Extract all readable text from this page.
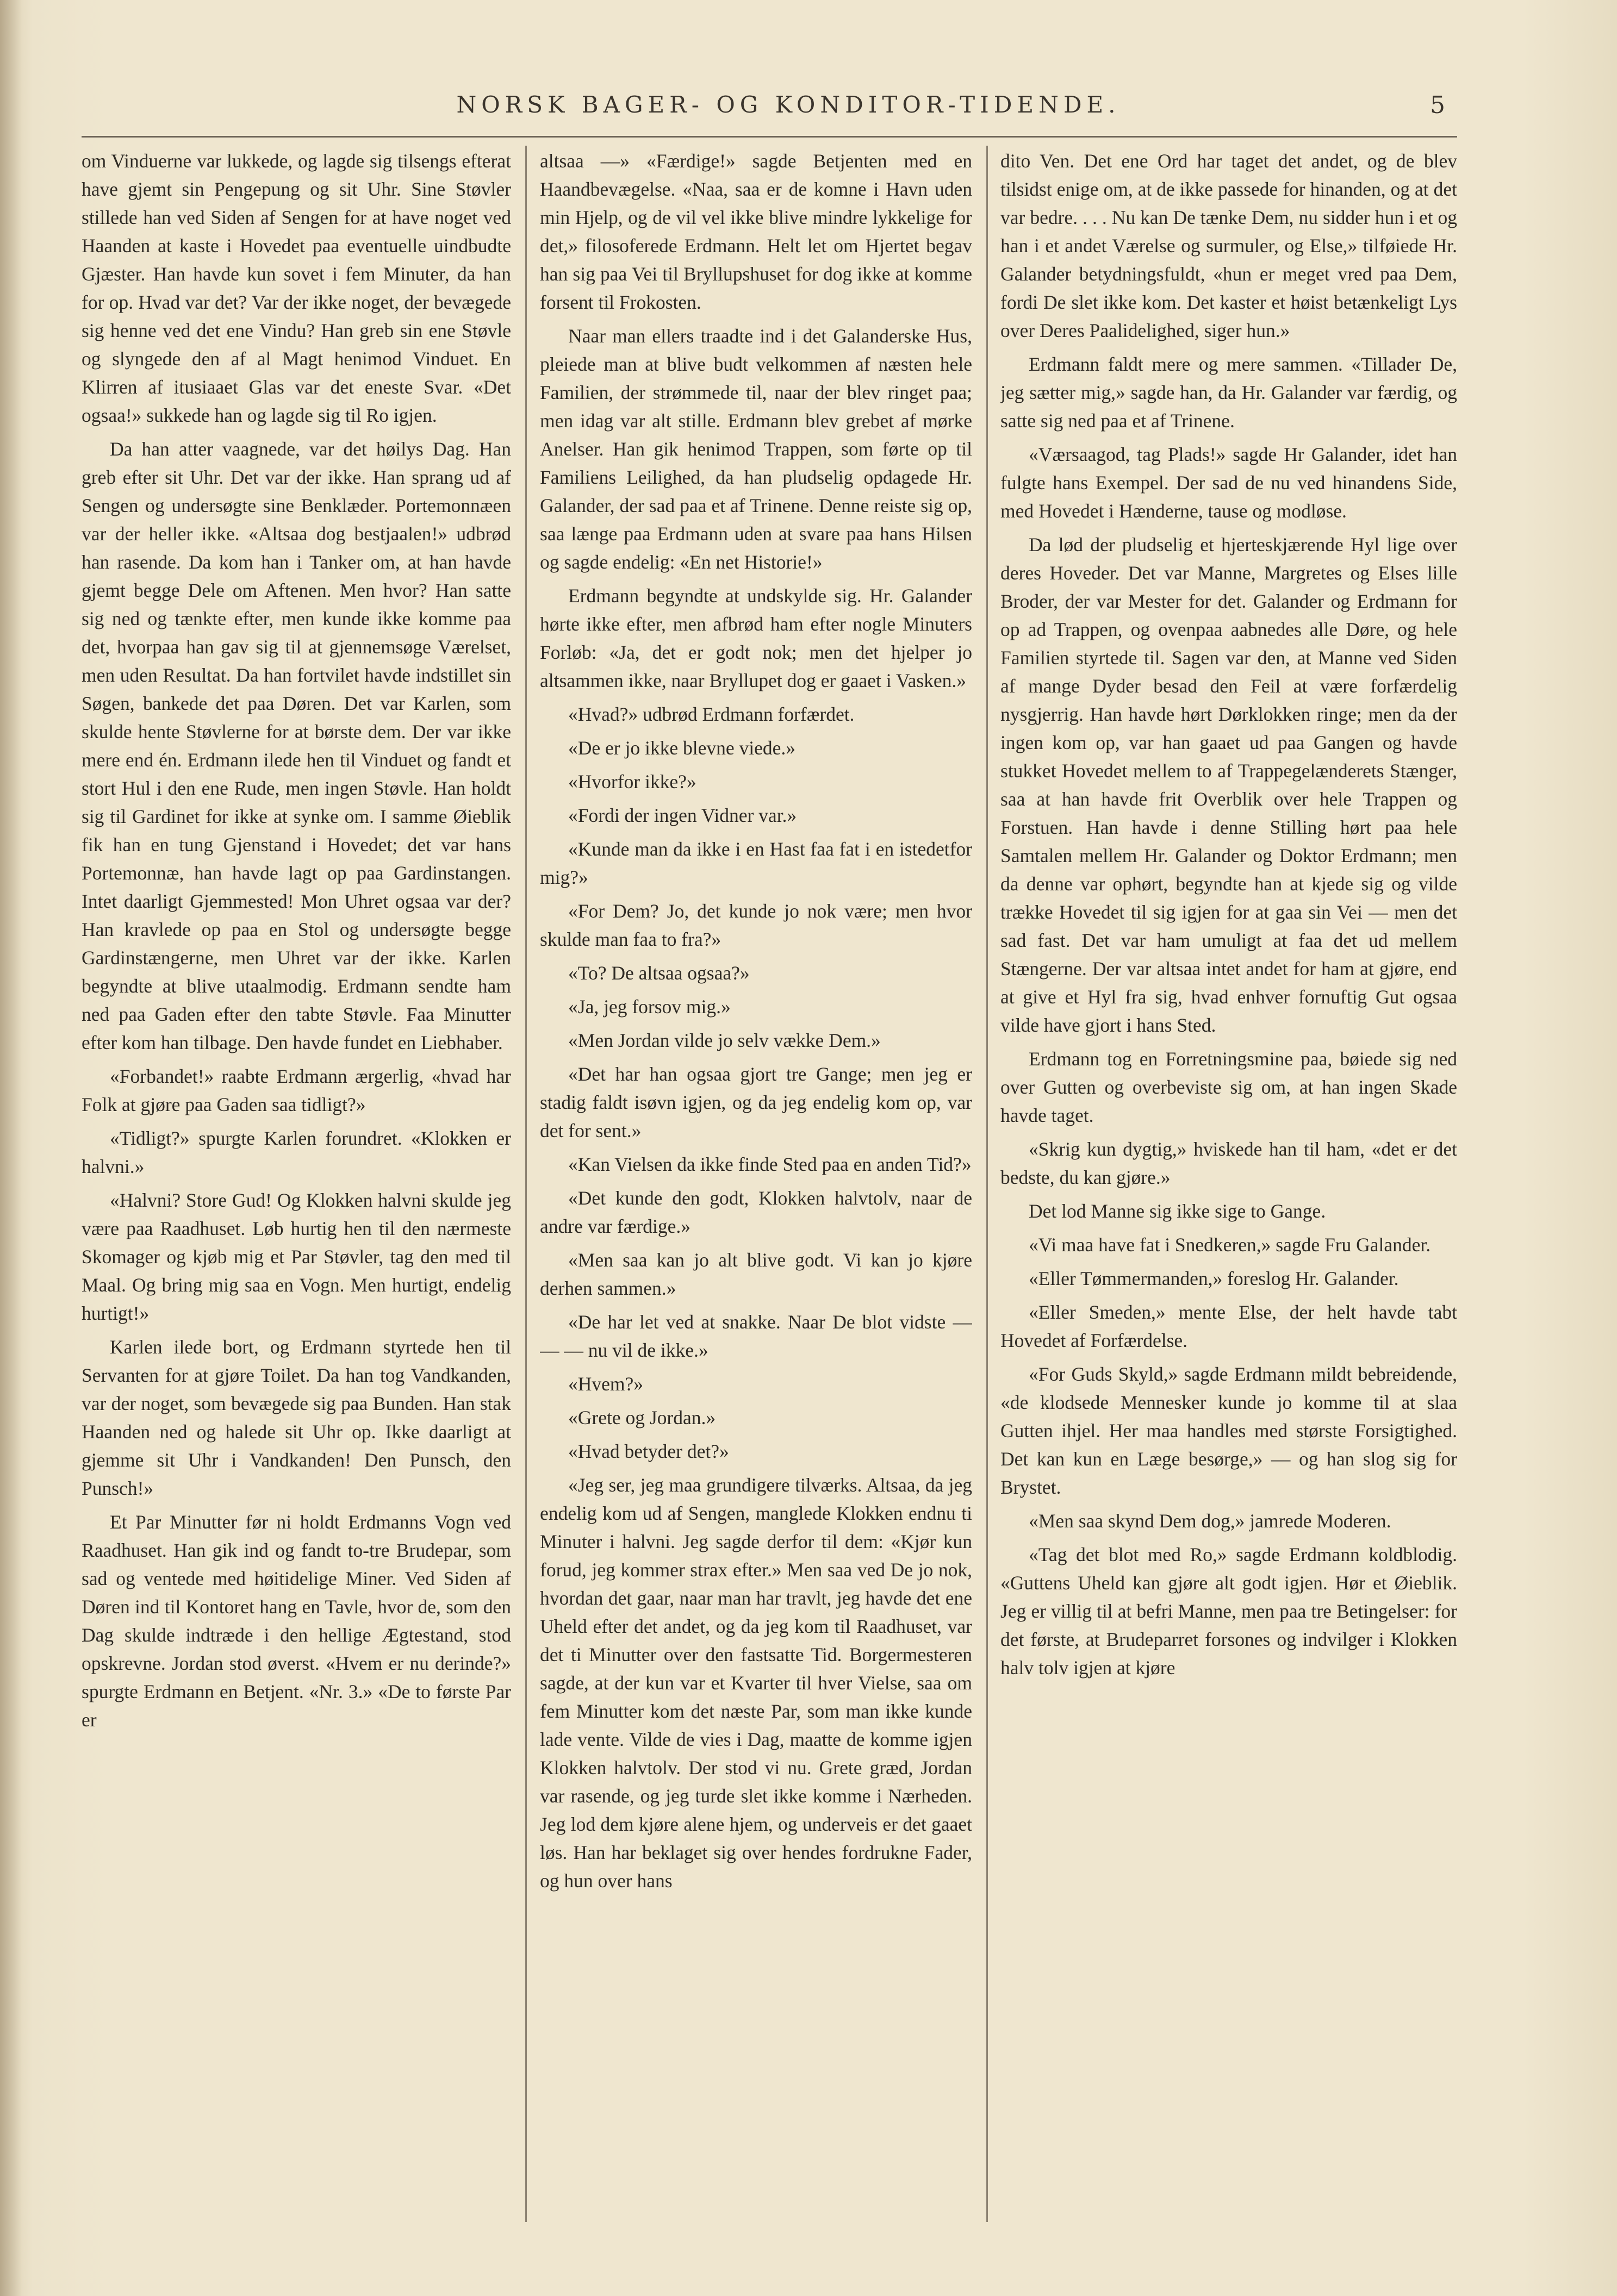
NORSK BAGER- OG KONDITOR-TIDENDE.	5

om Vinduerne var lukkede, og lagde sig tilsengs efterat have gjemt sin Pengepung og sit Uhr. Sine Støvler stillede han ved Siden af Sengen for at have noget ved Haanden at kaste i Hovedet paa eventuelle uindbudte Gjæster. Han havde kun sovet i fem Minuter, da han for op. Hvad var det? Var der ikke noget, der bevægede sig henne ved det ene Vindu? Han greb sin ene Støvle og slyngede den af al Magt henimod Vinduet. En Klirren af itusiaaet Glas var det eneste Svar. «Det ogsaa!» sukkede han og lagde sig til Ro igjen.

Da han atter vaagnede, var det høilys Dag. Han greb efter sit Uhr. Det var der ikke. Han sprang ud af Sengen og undersøgte sine Benklæder. Portemonnæen var der heller ikke. «Altsaa dog bestjaalen!» udbrød han rasende. Da kom han i Tanker om, at han havde gjemt begge Dele om Aftenen. Men hvor? Han satte sig ned og tænkte efter, men kunde ikke komme paa det, hvorpaa han gav sig til at gjennemsøge Værelset, men uden Resultat. Da han fortvilet havde indstillet sin Søgen, bankede det paa Døren. Det var Karlen, som skulde hente Støvlerne for at børste dem. Der var ikke mere end én. Erdmann ilede hen til Vinduet og fandt et stort Hul i den ene Rude, men ingen Støvle. Han holdt sig til Gardinet for ikke at synke om. I samme Øieblik fik han en tung Gjenstand i Hovedet; det var hans Portemonnæ, han havde lagt op paa Gardinstangen. Intet daarligt Gjemmested! Mon Uhret ogsaa var der? Han kravlede op paa en Stol og undersøgte begge Gardinstængerne, men Uhret var der ikke. Karlen begyndte at blive utaalmodig. Erdmann sendte ham ned paa Gaden efter den tabte Støvle. Faa Minutter efter kom han tilbage. Den havde fundet en Liebhaber.

«Forbandet!» raabte Erdmann ærgerlig, «hvad har Folk at gjøre paa Gaden saa tidligt?»

«Tidligt?» spurgte Karlen forundret. «Klokken er halvni.»

«Halvni? Store Gud! Og Klokken halvni skulde jeg være paa Raadhuset. Løb hurtig hen til den nærmeste Skomager og kjøb mig et Par Støvler, tag den med til Maal. Og bring mig saa en Vogn. Men hurtigt, endelig hurtigt!»

Karlen ilede bort, og Erdmann styrtede hen til Servanten for at gjøre Toilet. Da han tog Vandkanden, var der noget, som bevægede sig paa Bunden. Han stak Haanden ned og halede sit Uhr op. Ikke daarligt at gjemme sit Uhr i Vandkanden! Den Punsch, den Punsch!»

Et Par Minutter før ni holdt Erdmanns Vogn ved Raadhuset. Han gik ind og fandt to-tre Brudepar, som sad og ventede med høitidelige Miner. Ved Siden af Døren ind til Kontoret hang en Tavle, hvor de, som den Dag skulde indtræde i den hellige Ægtestand, stod opskrevne. Jordan stod øverst. «Hvem er nu derinde?» spurgte Erdmann en Betjent. «Nr. 3.» «De to første Par er

altsaa —» «Færdige!» sagde Betjenten med en Haandbevægelse. «Naa, saa er de komne i Havn uden min Hjelp, og de vil vel ikke blive mindre lykkelige for det,» filosoferede Erdmann. Helt let om Hjertet begav han sig paa Vei til Bryllupshuset for dog ikke at komme forsent til Frokosten.

Naar man ellers traadte ind i det Galanderske Hus, pleiede man at blive budt velkommen af næsten hele Familien, der strømmede til, naar der blev ringet paa; men idag var alt stille. Erdmann blev grebet af mørke Anelser. Han gik henimod Trappen, som førte op til Familiens Leilighed, da han pludselig opdagede Hr. Galander, der sad paa et af Trinene. Denne reiste sig op, saa længe paa Erdmann uden at svare paa hans Hilsen og sagde endelig: «En net Historie!»

Erdmann begyndte at undskylde sig. Hr. Galander hørte ikke efter, men afbrød ham efter nogle Minuters Forløb: «Ja, det er godt nok; men det hjelper jo altsammen ikke, naar Bryllupet dog er gaaet i Vasken.»

«Hvad?» udbrød Erdmann forfærdet.

«De er jo ikke blevne viede.»

«Hvorfor ikke?»

«Fordi der ingen Vidner var.»

«Kunde man da ikke i en Hast faa fat i en istedetfor mig?»

«For Dem? Jo, det kunde jo nok være; men hvor skulde man faa to fra?»

«To? De altsaa ogsaa?»

«Ja, jeg forsov mig.»

«Men Jordan vilde jo selv vække Dem.»

«Det har han ogsaa gjort tre Gange; men jeg er stadig faldt isøvn igjen, og da jeg endelig kom op, var det for sent.»

«Kan Vielsen da ikke finde Sted paa en anden Tid?»

«Det kunde den godt, Klokken halvtolv, naar de andre var færdige.»

«Men saa kan jo alt blive godt. Vi kan jo kjøre derhen sammen.»

«De har let ved at snakke. Naar De blot vidste — — — nu vil de ikke.»

«Hvem?»

«Grete og Jordan.»

«Hvad betyder det?»

«Jeg ser, jeg maa grundigere tilværks. Altsaa, da jeg endelig kom ud af Sengen, manglede Klokken endnu ti Minuter i halvni. Jeg sagde derfor til dem: «Kjør kun forud, jeg kommer strax efter.» Men saa ved De jo nok, hvordan det gaar, naar man har travlt, jeg havde det ene Uheld efter det andet, og da jeg kom til Raadhuset, var det ti Minutter over den fastsatte Tid. Borgermesteren sagde, at der kun var et Kvarter til hver Vielse, saa om fem Minutter kom det næste Par, som man ikke kunde lade vente. Vilde de vies i Dag, maatte de komme igjen Klokken halvtolv. Der stod vi nu. Grete græd, Jordan var rasende, og jeg turde slet ikke komme i Nærheden. Jeg lod dem kjøre alene hjem, og underveis er det gaaet løs. Han har beklaget sig over hendes fordrukne Fader, og hun over hans

dito Ven. Det ene Ord har taget det andet, og de blev tilsidst enige om, at de ikke passede for hinanden, og at det var bedre. . . . Nu kan De tænke Dem, nu sidder hun i et og han i et andet Værelse og surmuler, og Else,» tilføiede Hr. Galander betydningsfuldt, «hun er meget vred paa Dem, fordi De slet ikke kom. Det kaster et høist betænkeligt Lys over Deres Paalidelighed, siger hun.»

Erdmann faldt mere og mere sammen. «Tillader De, jeg sætter mig,» sagde han, da Hr. Galander var færdig, og satte sig ned paa et af Trinene.

«Værsaagod, tag Plads!» sagde Hr Galander, idet han fulgte hans Exempel. Der sad de nu ved hinandens Side, med Hovedet i Hænderne, tause og modløse.

Da lød der pludselig et hjerteskjærende Hyl lige over deres Hoveder. Det var Manne, Margretes og Elses lille Broder, der var Mester for det. Galander og Erdmann for op ad Trappen, og ovenpaa aabnedes alle Døre, og hele Familien styrtede til. Sagen var den, at Manne ved Siden af mange Dyder besad den Feil at være forfærdelig nysgjerrig. Han havde hørt Dørklokken ringe; men da der ingen kom op, var han gaaet ud paa Gangen og havde stukket Hovedet mellem to af Trappegelænderets Stænger, saa at han havde frit Overblik over hele Trappen og Forstuen. Han havde i denne Stilling hørt paa hele Samtalen mellem Hr. Galander og Doktor Erdmann; men da denne var ophørt, begyndte han at kjede sig og vilde trække Hovedet til sig igjen for at gaa sin Vei — men det sad fast. Det var ham umuligt at faa det ud mellem Stængerne. Der var altsaa intet andet for ham at gjøre, end at give et Hyl fra sig, hvad enhver fornuftig Gut ogsaa vilde have gjort i hans Sted.

Erdmann tog en Forretningsmine paa, bøiede sig ned over Gutten og overbeviste sig om, at han ingen Skade havde taget.

«Skrig kun dygtig,» hviskede han til ham, «det er det bedste, du kan gjøre.»

Det lod Manne sig ikke sige to Gange.

«Vi maa have fat i Snedkeren,» sagde Fru Galander.

«Eller Tømmermanden,» foreslog Hr. Galander.

«Eller Smeden,» mente Else, der helt havde tabt Hovedet af Forfærdelse.

«For Guds Skyld,» sagde Erdmann mildt bebreidende, «de klodsede Mennesker kunde jo komme til at slaa Gutten ihjel. Her maa handles med største Forsigtighed. Det kan kun en Læge besørge,» — og han slog sig for Brystet.

«Men saa skynd Dem dog,» jamrede Moderen.

«Tag det blot med Ro,» sagde Erdmann koldblodig. «Guttens Uheld kan gjøre alt godt igjen. Hør et Øieblik. Jeg er villig til at befri Manne, men paa tre Betingelser: for det første, at Brudeparret forsones og indvilger i Klokken halv tolv igjen at kjøre
